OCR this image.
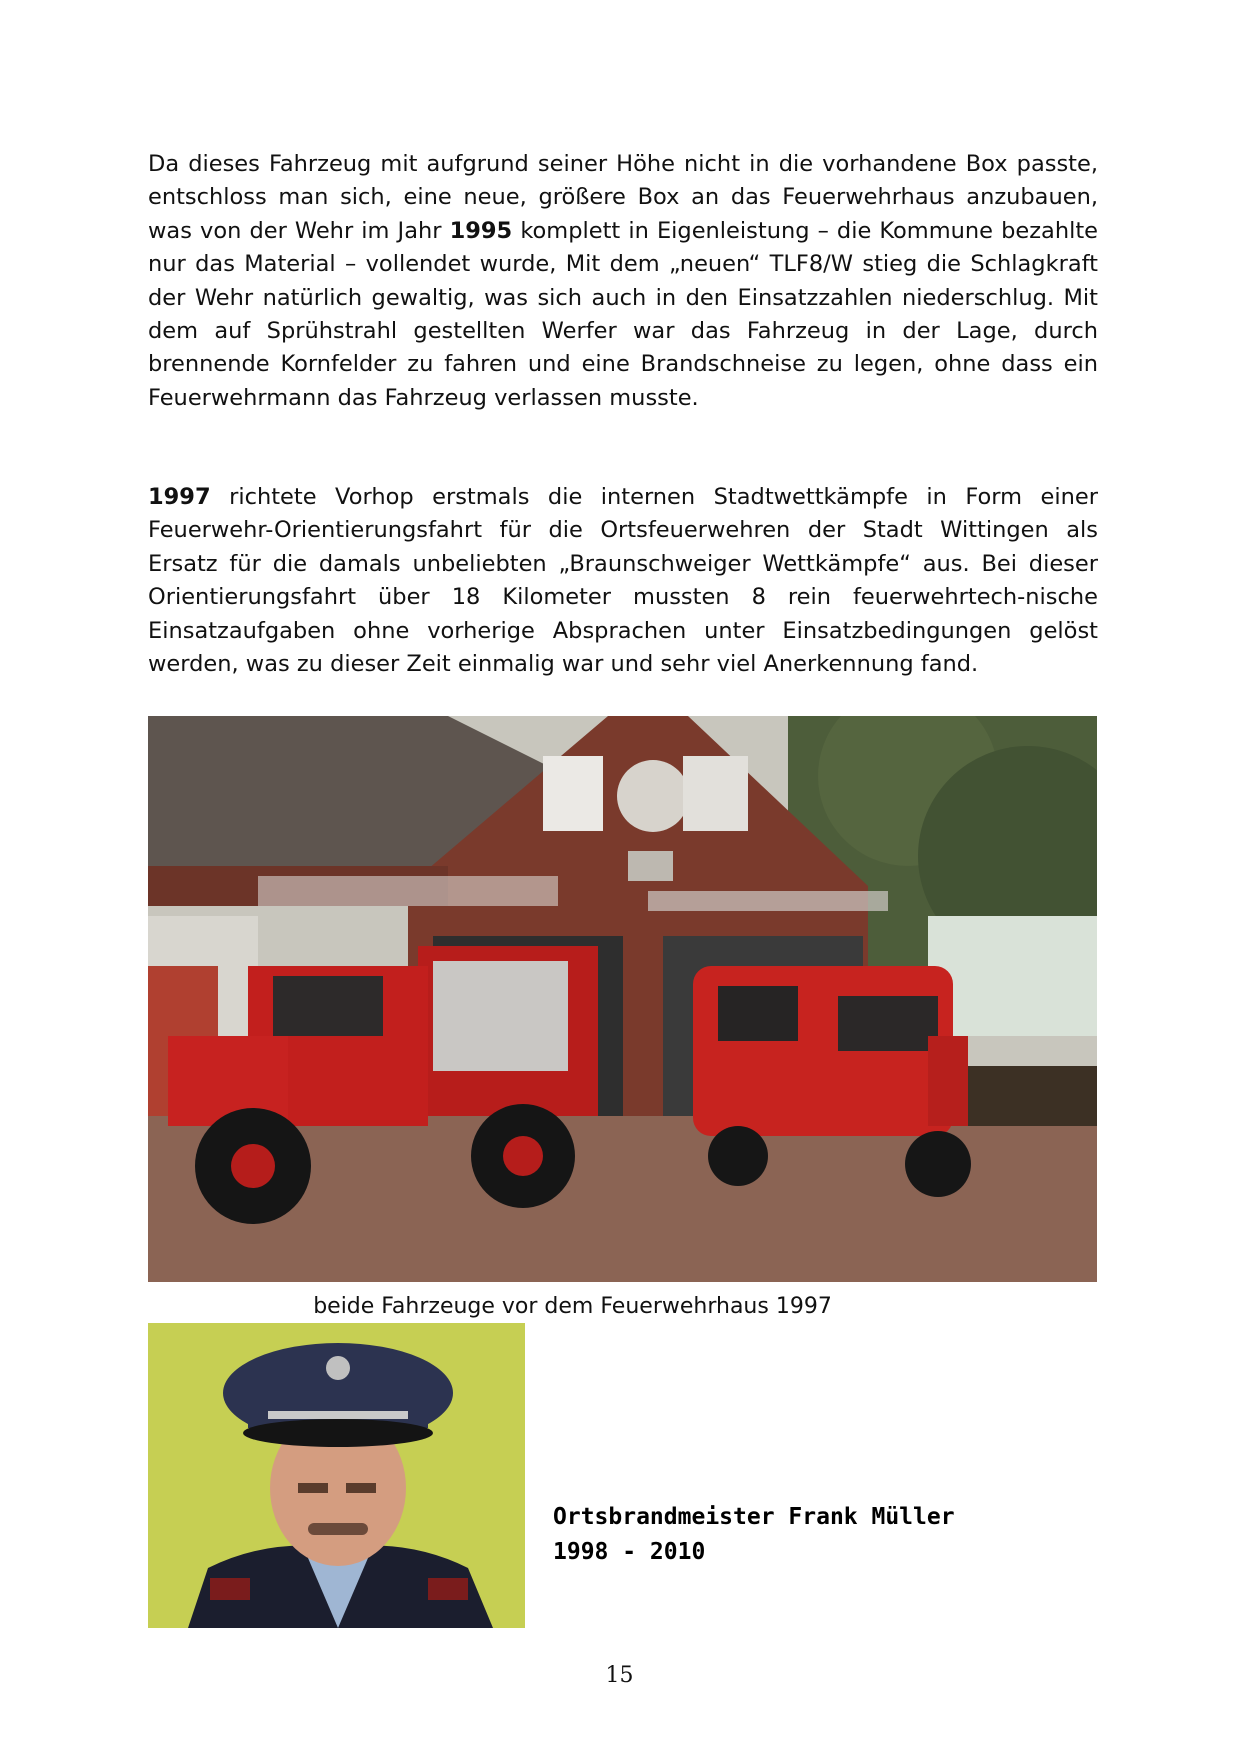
Da dieses Fahrzeug mit aufgrund seiner Höhe nicht in die vorhandene Box passte, entschloss man sich, eine neue, größere Box an das Feuerwehrhaus anzubauen, was von der Wehr im Jahr 1995 komplett in Eigenleistung – die Kommune bezahlte nur das Material – vollendet wurde, Mit dem „neuen“ TLF8/W stieg die Schlagkraft der Wehr natürlich gewaltig, was sich auch in den Einsatzzahlen niederschlug. Mit dem auf Sprühstrahl gestellten Werfer war das Fahrzeug in der Lage, durch brennende Kornfelder zu fahren und eine Brandschneise zu legen, ohne dass ein Feuerwehrmann das Fahrzeug verlassen musste.

1997 richtete Vorhop erstmals die internen Stadtwettkämpfe in Form einer Feuerwehr-Orientierungsfahrt für die Ortsfeuerwehren der Stadt Wittingen als Ersatz für die damals unbeliebten „Braunschweiger Wettkämpfe“ aus. Bei dieser Orientierungsfahrt über 18 Kilometer mussten 8 rein feuerwehrtech-nische Einsatzaufgaben ohne vorherige Absprachen unter Einsatzbedingungen gelöst werden, was zu dieser Zeit einmalig war und sehr viel Anerkennung fand.

beide Fahrzeuge vor dem Feuerwehrhaus 1997

Ortsbrandmeister Frank Müller

1998 - 2010

15
